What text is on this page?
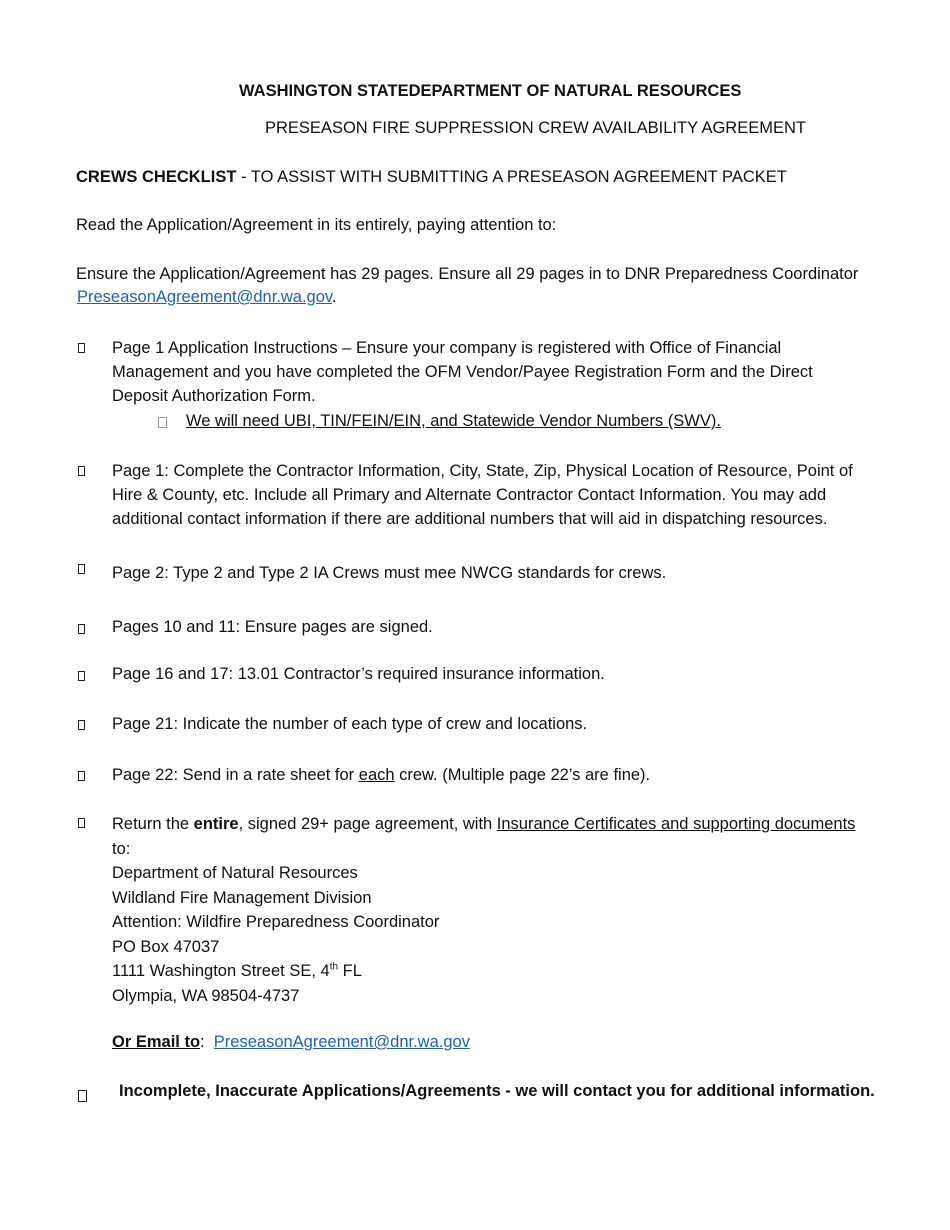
WASHINGTON STATEDEPARTMENT OF NATURAL RESOURCES
PRESEASON FIRE SUPPRESSION CREW AVAILABILITY AGREEMENT
CREWS CHECKLIST - TO ASSIST WITH SUBMITTING A PRESEASON AGREEMENT PACKET
Read the Application/Agreement in its entirely, paying attention to:
Ensure the Application/Agreement has 29 pages. Ensure all 29 pages in to DNR Preparedness Coordinator
PreseasonAgreement@dnr.wa.gov.
Page 1 Application Instructions – Ensure your company is registered with Office of Financial
Management and you have completed the OFM Vendor/Payee Registration Form and the Direct
Deposit Authorization Form.
We will need UBI, TIN/FEIN/EIN, and Statewide Vendor Numbers (SWV).
Page 1: Complete the Contractor Information, City, State, Zip, Physical Location of Resource, Point of
Hire & County, etc. Include all Primary and Alternate Contractor Contact Information. You may add
additional contact information if there are additional numbers that will aid in dispatching resources.
Page 2: Type 2 and Type 2 IA Crews must mee NWCG standards for crews.
Pages 10 and 11: Ensure pages are signed.
Page 16 and 17: 13.01 Contractor’s required insurance information.
Page 21: Indicate the number of each type of crew and locations.
Page 22: Send in a rate sheet for each crew. (Multiple page 22’s are fine).
Return the entire, signed 29+ page agreement, with Insurance Certificates and supporting documents
to:
Department of Natural Resources
Wildland Fire Management Division
Attention: Wildfire Preparedness Coordinator
PO Box 47037
1111 Washington Street SE, 4th FL
Olympia, WA 98504-4737
Or Email to:  PreseasonAgreement@dnr.wa.gov
Incomplete, Inaccurate Applications/Agreements - we will contact you for additional information.
